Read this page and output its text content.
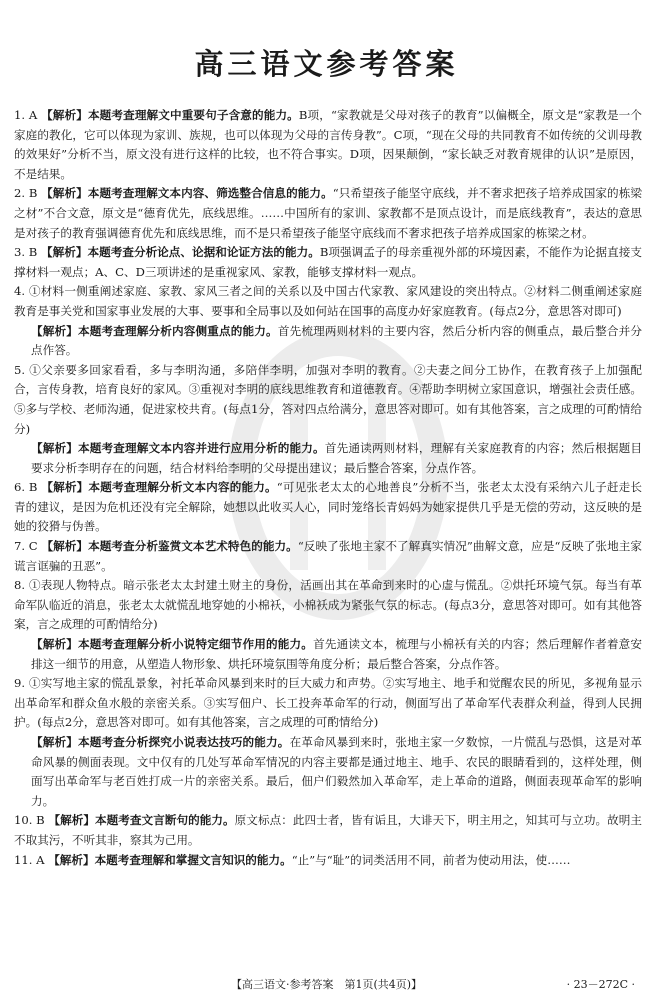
高三语文参考答案

1. A 【解析】本题考查理解文中重要句子含意的能力。B项，“家教就是父母对孩子的教育”以偏概全，原文是“家教是一个家庭的教化，它可以体现为家训、族规，也可以体现为父母的言传身教”。C项，“现在父母的共同教育不如传统的父训母教的效果好”分析不当，原文没有进行这样的比较，也不符合事实。D项，因果颠倒，“家长缺乏对教育规律的认识”是原因，不是结果。

2. B 【解析】本题考查理解文本内容、筛选整合信息的能力。“只希望孩子能坚守底线，并不奢求把孩子培养成国家的栋梁之材”不合文意，原文是“德育优先，底线思维。……中国所有的家训、家教都不是顶点设计，而是底线教育”，表达的意思是对孩子的教育强调德育优先和底线思维，而不是只希望孩子能坚守底线而不奢求把孩子培养成国家的栋梁之材。

3. B 【解析】本题考查分析论点、论据和论证方法的能力。B项强调孟子的母亲重视外部的环境因素，不能作为论据直接支撑材料一观点；A、C、D三项讲述的是重视家风、家教，能够支撑材料一观点。

4. ①材料一侧重阐述家庭、家教、家风三者之间的关系以及中国古代家教、家风建设的突出特点。②材料二侧重阐述家庭教育是事关党和国家事业发展的大事、要事和全局事以及如何站在国事的高度办好家庭教育。(每点2分，意思答对即可)

【解析】本题考查理解分析内容侧重点的能力。首先梳理两则材料的主要内容，然后分析内容的侧重点，最后整合并分点作答。

5. ①父亲要多回家看看，多与李明沟通，多陪伴李明，加强对李明的教育。②夫妻之间分工协作，在教育孩子上加强配合，言传身教，培育良好的家风。③重视对李明的底线思维教育和道德教育。④帮助李明树立家国意识，增强社会责任感。⑤多与学校、老师沟通，促进家校共育。(每点1分，答对四点给满分，意思答对即可。如有其他答案，言之成理的可酌情给分)

【解析】本题考查理解文本内容并进行应用分析的能力。首先通读两则材料，理解有关家庭教育的内容；然后根据题目要求分析李明存在的问题，结合材料给李明的父母提出建议；最后整合答案，分点作答。

6. B 【解析】本题考查理解分析文本内容的能力。“可见张老太太的心地善良”分析不当，张老太太没有采纳六儿子赶走长青的建议，是因为危机还没有完全解除，她想以此收买人心，同时笼络长青妈妈为她家提供几乎是无偿的劳动，这反映的是她的狡猾与伪善。

7. C 【解析】本题考查分析鉴赏文本艺术特色的能力。“反映了张地主家不了解真实情况”曲解文意，应是“反映了张地主家谎言诓骗的丑恶”。

8. ①表现人物特点。暗示张老太太封建土财主的身份，活画出其在革命到来时的心虚与慌乱。②烘托环境气氛。每当有革命军队临近的消息，张老太太就慌乱地穿她的小棉袄，小棉袄成为紧张气氛的标志。(每点3分，意思答对即可。如有其他答案，言之成理的可酌情给分)

【解析】本题考查理解分析小说特定细节作用的能力。首先通读文本，梳理与小棉袄有关的内容；然后理解作者着意安排这一细节的用意，从塑造人物形象、烘托环境氛围等角度分析；最后整合答案，分点作答。

9. ①实写地主家的慌乱景象，衬托革命风暴到来时的巨大威力和声势。②实写地主、地手和觉醒农民的所见，多视角显示出革命军和群众鱼水般的亲密关系。③实写佃户、长工投奔革命军的行动，侧面写出了革命军代表群众利益，得到人民拥护。(每点2分，意思答对即可。如有其他答案，言之成理的可酌情给分)

【解析】本题考查分析探究小说表达技巧的能力。在革命风暴到来时，张地主家一夕数惊，一片慌乱与恐惧，这是对革命风暴的侧面表现。文中仅有的几处写革命军情况的内容主要都是通过地主、地手、农民的眼睛看到的，这样处理，侧面写出革命军与老百姓打成一片的亲密关系。最后，佃户们毅然加入革命军，走上革命的道路，侧面表现革命军的影响力。

10. B 【解析】本题考查文言断句的能力。原文标点：此四士者，皆有诟且，大诽天下，明主用之，知其可与立功。故明主不取其污，不听其非，察其为己用。

11. A 【解析】本题考查理解和掌握文言知识的能力。“止”与“耻”的词类活用不同，前者为使动用法，使……

【高三语文·参考答案　第1页(共4页)】	· 23－272C ·
